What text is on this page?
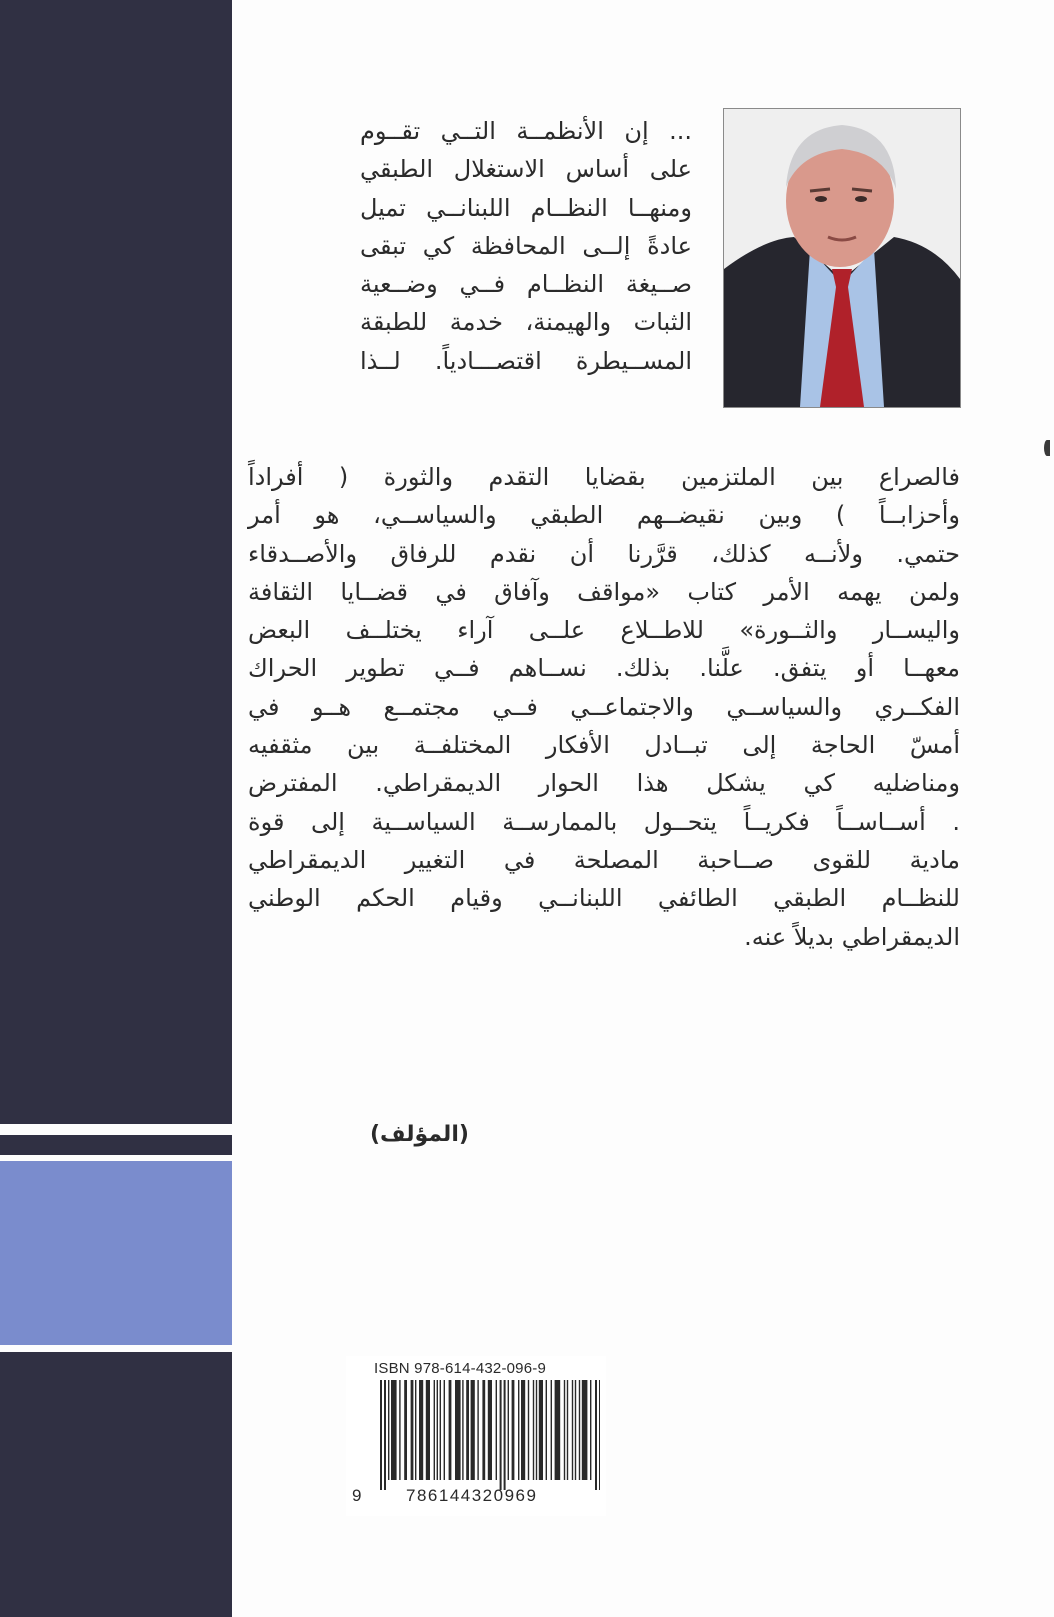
... إن الأنظمــة التــي تقــوم
على أساس الاستغلال الطبقي
ومنهــا النظــام اللبنانــي تميل
عادةً إلــى المحافظة كي تبقى
صــيغة النظــام فــي وضــعية
الثبات والهيمنة، خدمة للطبقة
المســيطرة اقتصـــادياً. لــذا
فالصراع بين الملتزمين بقضايا التقدم والثورة ( أفراداً
وأحزابــاً ) وبين نقيضــهم الطبقي والسياســي، هو أمر
حتمي. ولأنــه كذلك، قرَّرنا أن نقدم للرفاق والأصــدقاء
ولمن يهمه الأمر كتاب «مواقف وآفاق في قضــايا الثقافة
واليســار والثــورة» للاطــلاع علــى آراء يختلــف البعض
معهــا أو يتفق. علَّنا. بذلك. نســاهم فــي تطوير الحراك
الفكــري والسياســي والاجتماعــي فــي مجتمــع هــو في
أمسّ الحاجة إلى تبــادل الأفكار المختلفــة بين مثقفيه
ومناضليه كي يشكل هذا الحوار الديمقراطي. المفترض
. أســاســاً فكريــاً يتحــول بالممارســة السياســية إلى قوة
مادية للقوى صــاحبة المصلحة في التغيير الديمقراطي
للنظــام الطبقي الطائفي اللبنانــي وقيام الحكم الوطني
الديمقراطي بديلاً عنه.
(المؤلف)
ISBN 978-614-432-096-9
9	786144320969
